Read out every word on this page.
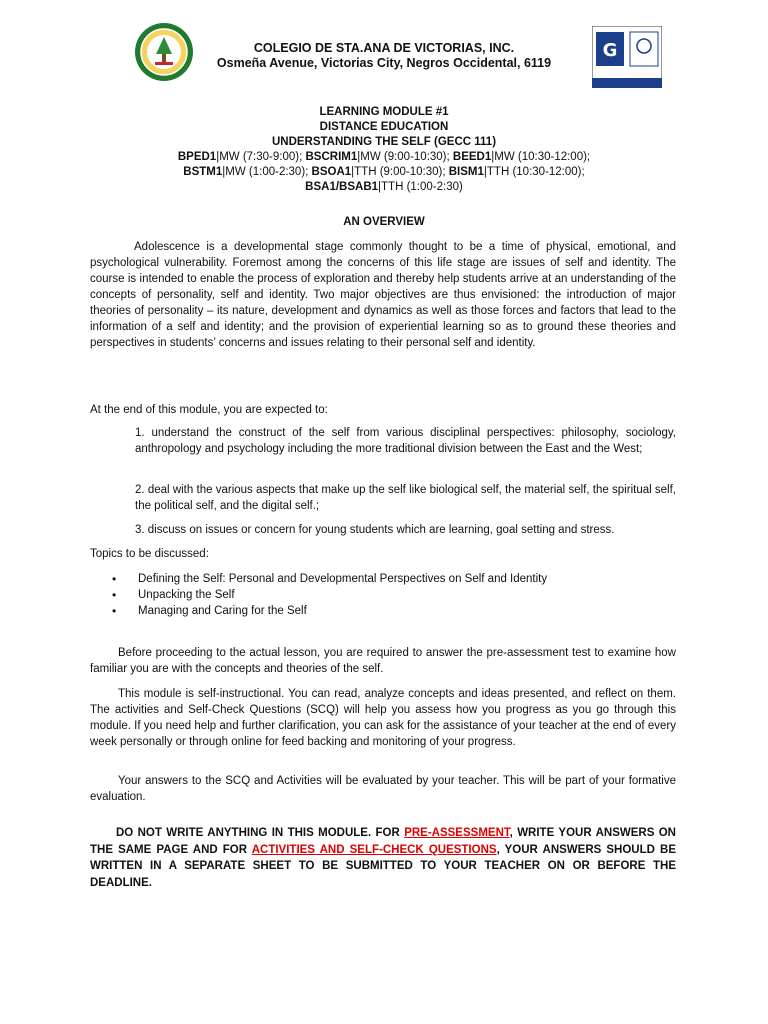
COLEGIO DE STA.ANA DE VICTORIAS, INC.
Osmeña Avenue, Victorias City, Negros Occidental, 6119
G
LEARNING MODULE #1
DISTANCE EDUCATION
UNDERSTANDING THE SELF (GECC 111)
BPED1|MW (7:30-9:00); BSCRIM1|MW (9:00-10:30); BEED1|MW (10:30-12:00);
BSTM1|MW (1:00-2:30); BSOA1|TTH (9:00-10:30); BISM1|TTH (10:30-12:00);
BSA1/BSAB1|TTH (1:00-2:30)
AN OVERVIEW
Adolescence is a developmental stage commonly thought to be a time of physical, emotional, and psychological vulnerability. Foremost among the concerns of this life stage are issues of self and identity. The course is intended to enable the process of exploration and thereby help students arrive at an understanding of the concepts of personality, self and identity. Two major objectives are thus envisioned: the introduction of major theories of personality – its nature, development and dynamics as well as those forces and factors that lead to the information of a self and identity; and the provision of experiential learning so as to ground these theories and perspectives in students’ concerns and issues relating to their personal self and identity.
At the end of this module, you are expected to:
1. understand the construct of the self from various disciplinal perspectives: philosophy, sociology, anthropology and psychology including the more traditional division between the East and the West;
2. deal with the various aspects that make up the self like biological self, the material self, the spiritual self, the political self, and the digital self.;
3. discuss on issues or concern for young students which are learning, goal setting and stress.
Topics to be discussed:
• Defining the Self: Personal and Developmental Perspectives on Self and Identity
• Unpacking the Self
• Managing and Caring for the Self
Before proceeding to the actual lesson, you are required to answer the pre-assessment test to examine how familiar you are with the concepts and theories of the self.
This module is self-instructional. You can read, analyze concepts and ideas presented, and reflect on them. The activities and Self-Check Questions (SCQ) will help you assess how you progress as you go through this module. If you need help and further clarification, you can ask for the assistance of your teacher at the end of every week personally or through online for feed backing and monitoring of your progress.
Your answers to the SCQ and Activities will be evaluated by your teacher. This will be part of your formative evaluation.
DO NOT WRITE ANYTHING IN THIS MODULE. FOR PRE-ASSESSMENT, WRITE YOUR ANSWERS ON THE SAME PAGE AND FOR ACTIVITIES AND SELF-CHECK QUESTIONS, YOUR ANSWERS SHOULD BE WRITTEN IN A SEPARATE SHEET TO BE SUBMITTED TO YOUR TEACHER ON OR BEFORE THE DEADLINE.
